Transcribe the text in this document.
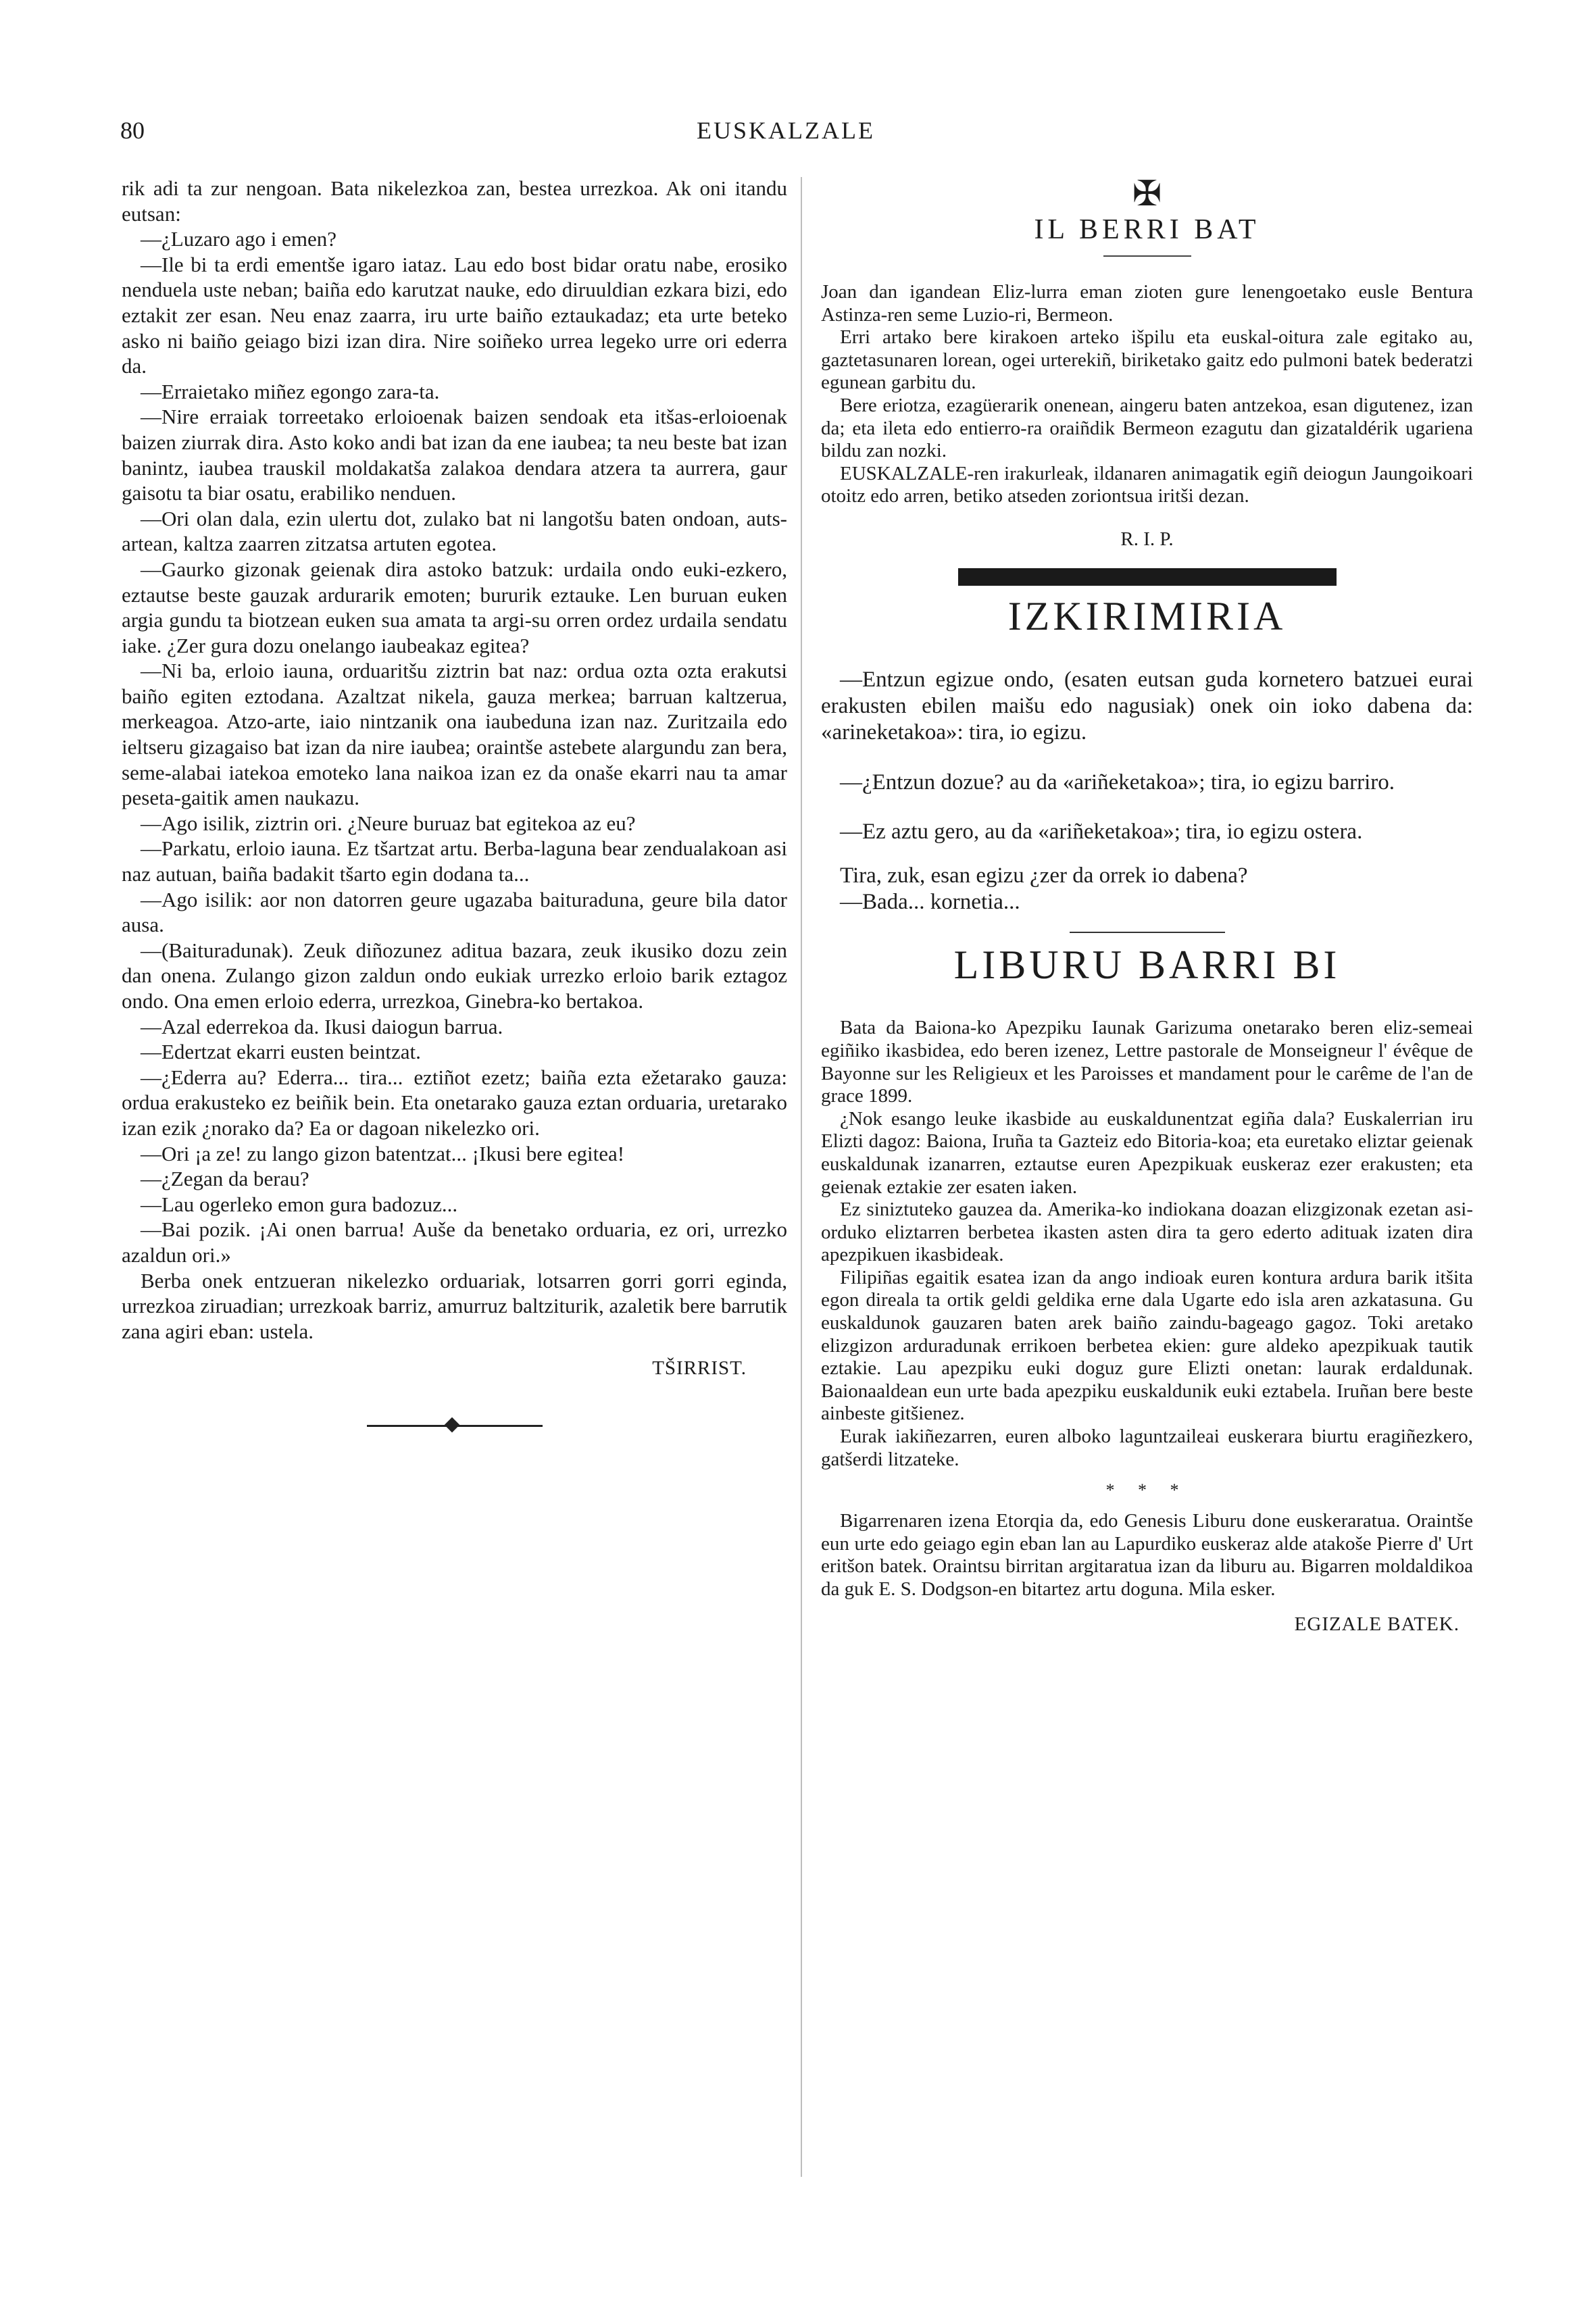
80	EUSKALZALE

rik adi ta zur nengoan. Bata nikelezkoa zan, bestea urrezkoa. Ak oni itandu eutsan:

—¿Luzaro ago i emen?

—Ile bi ta erdi ementše igaro iataz. Lau edo bost bidar oratu nabe, erosiko nenduela uste neban; baiña edo karutzat nauke, edo diruuldian ezkara bizi, edo eztakit zer esan. Neu enaz zaarra, iru urte baiño eztaukadaz; eta urte beteko asko ni baiño geiago bizi izan dira. Nire soiñeko urrea legeko urre ori ederra da.

—Erraietako miñez egongo zara-ta.

—Nire erraiak torreetako erloioenak baizen sendoak eta itšas-erloioenak baizen ziurrak dira. Asto koko andi bat izan da ene iaubea; ta neu beste bat izan banintz, iaubea trauskil moldakatša zalakoa dendara atzera ta aurrera, gaur gaisotu ta biar osatu, erabiliko nenduen.

—Ori olan dala, ezin ulertu dot, zulako bat ni langotšu baten ondoan, auts-artean, kaltza zaarren zitzatsa artuten egotea.

—Gaurko gizonak geienak dira astoko batzuk: urdaila ondo euki-ezkero, eztautse beste gauzak ardurarik emoten; bururik eztauke. Len buruan euken argia gundu ta biotzean euken sua amata ta argi-su orren ordez urdaila sendatu iake. ¿Zer gura dozu onelango iaubeakaz egitea?

—Ni ba, erloio iauna, orduaritšu ziztrin bat naz: ordua ozta ozta erakutsi baiño egiten eztodana. Azaltzat nikela, gauza merkea; barruan kaltzerua, merkeagoa. Atzo-arte, iaio nintzanik ona iaubeduna izan naz. Zuritzaila edo ieltseru gizagaiso bat izan da nire iaubea; oraintše astebete alargundu zan bera, seme-alabai iatekoa emoteko lana naikoa izan ez da onaše ekarri nau ta amar peseta-gaitik amen naukazu.

—Ago isilik, ziztrin ori. ¿Neure buruaz bat egitekoa az eu?

—Parkatu, erloio iauna. Ez tšartzat artu. Berba-laguna bear zendualakoan asi naz autuan, baiña badakit tšarto egin dodana ta...

—Ago isilik: aor non datorren geure ugazaba baituraduna, geure bila dator ausa.

—(Baituradunak). Zeuk diñozunez aditua bazara, zeuk ikusiko dozu zein dan onena. Zulango gizon zaldun ondo eukiak urrezko erloio barik eztagoz ondo. Ona emen erloio ederra, urrezkoa, Ginebra-ko bertakoa.

—Azal ederrekoa da. Ikusi daiogun barrua.

—Edertzat ekarri eusten beintzat.

—¿Ederra au? Ederra... tira... eztiñot ezetz; baiña ezta ežetarako gauza: ordua erakusteko ez beiñik bein. Eta onetarako gauza eztan orduaria, uretarako izan ezik ¿norako da? Ea or dagoan nikelezko ori.

—Ori ¡a ze! zu lango gizon batentzat... ¡Ikusi bere egitea!

—¿Zegan da berau?

—Lau ogerleko emon gura badozuz...

—Bai pozik. ¡Ai onen barrua! Auše da benetako orduaria, ez ori, urrezko azaldun ori.»

Berba onek entzueran nikelezko orduariak, lotsarren gorri gorri eginda, urrezkoa ziruadian; urrezkoak barriz, amurruz baltziturik, azaletik bere barrutik zana agiri eban: ustela.

TŠIRRIST.

✠

IL BERRI BAT

Joan dan igandean Eliz-lurra eman zioten gure lenengoetako eusle Bentura Astinza-ren seme Luzio-ri, Bermeon.

Erri artako bere kirakoen arteko išpilu eta euskal-oitura zale egitako au, gaztetasunaren lorean, ogei urterekiñ, biriketako gaitz edo pulmoni batek bederatzi egunean garbitu du.

Bere eriotza, ezagüerarik onenean, aingeru baten antzekoa, esan digutenez, izan da; eta ileta edo entierro-ra oraiñdik Bermeon ezagutu dan gizataldérik ugariena bildu zan nozki.

EUSKALZALE-ren irakurleak, ildanaren animagatik egiñ deiogun Jaungoikoari otoitz edo arren, betiko atseden zoriontsua iritši dezan.

R. I. P.

IZKIRIMIRIA

—Entzun egizue ondo, (esaten eutsan guda kornetero batzuei eurai erakusten ebilen maišu edo nagusiak) onek oin ioko dabena da: «arineketakoa»: tira, io egizu.

—¿Entzun dozue? au da «ariñeketakoa»; tira, io egizu barriro.

—Ez aztu gero, au da «ariñeketakoa»; tira, io egizu ostera.

Tira, zuk, esan egizu ¿zer da orrek io dabena?

—Bada... kornetia...

LIBURU BARRI BI

Bata da Baiona-ko Apezpiku Iaunak Garizuma onetarako beren eliz-semeai egiñiko ikasbidea, edo beren izenez, Lettre pastorale de Monseigneur l' évêque de Bayonne sur les Religieux et les Paroisses et mandament pour le carême de l'an de grace 1899.

¿Nok esango leuke ikasbide au euskaldunentzat egiña dala? Euskalerrian iru Elizti dagoz: Baiona, Iruña ta Gazteiz edo Bitoria-koa; eta euretako eliztar geienak euskaldunak izanarren, eztautse euren Apezpikuak euskeraz ezer erakusten; eta geienak eztakie zer esaten iaken.

Ez siniztuteko gauzea da. Amerika-ko indiokana doazan elizgizonak ezetan asi-orduko eliztarren berbetea ikasten asten dira ta gero ederto adituak izaten dira apezpikuen ikasbideak.

Filipiñas egaitik esatea izan da ango indioak euren kontura ardura barik itšita egon direala ta ortik geldi geldika erne dala Ugarte edo isla aren azkatasuna. Gu euskaldunok gauzaren baten arek baiño zaindu-bageago gagoz. Toki aretako elizgizon arduradunak errikoen berbetea ekien: gure aldeko apezpikuak tautik eztakie. Lau apezpiku euki doguz gure Elizti onetan: laurak erdaldunak. Baionaaldean eun urte bada apezpiku euskaldunik euki eztabela. Iruñan bere beste ainbeste gitšienez.

Eurak iakiñezarren, euren alboko laguntzaileai euskerara biurtu eragiñezkero, gatšerdi litzateke.

* * *

Bigarrenaren izena Etorqia da, edo Genesis Liburu done euskeraratua. Oraintše eun urte edo geiago egin eban lan au Lapurdiko euskeraz alde atakoše Pierre d' Urt eritšon batek. Oraintsu birritan argitaratua izan da liburu au. Bigarren moldaldikoa da guk E. S. Dodgson-en bitartez artu doguna. Mila esker.

EGIZALE BATEK.
